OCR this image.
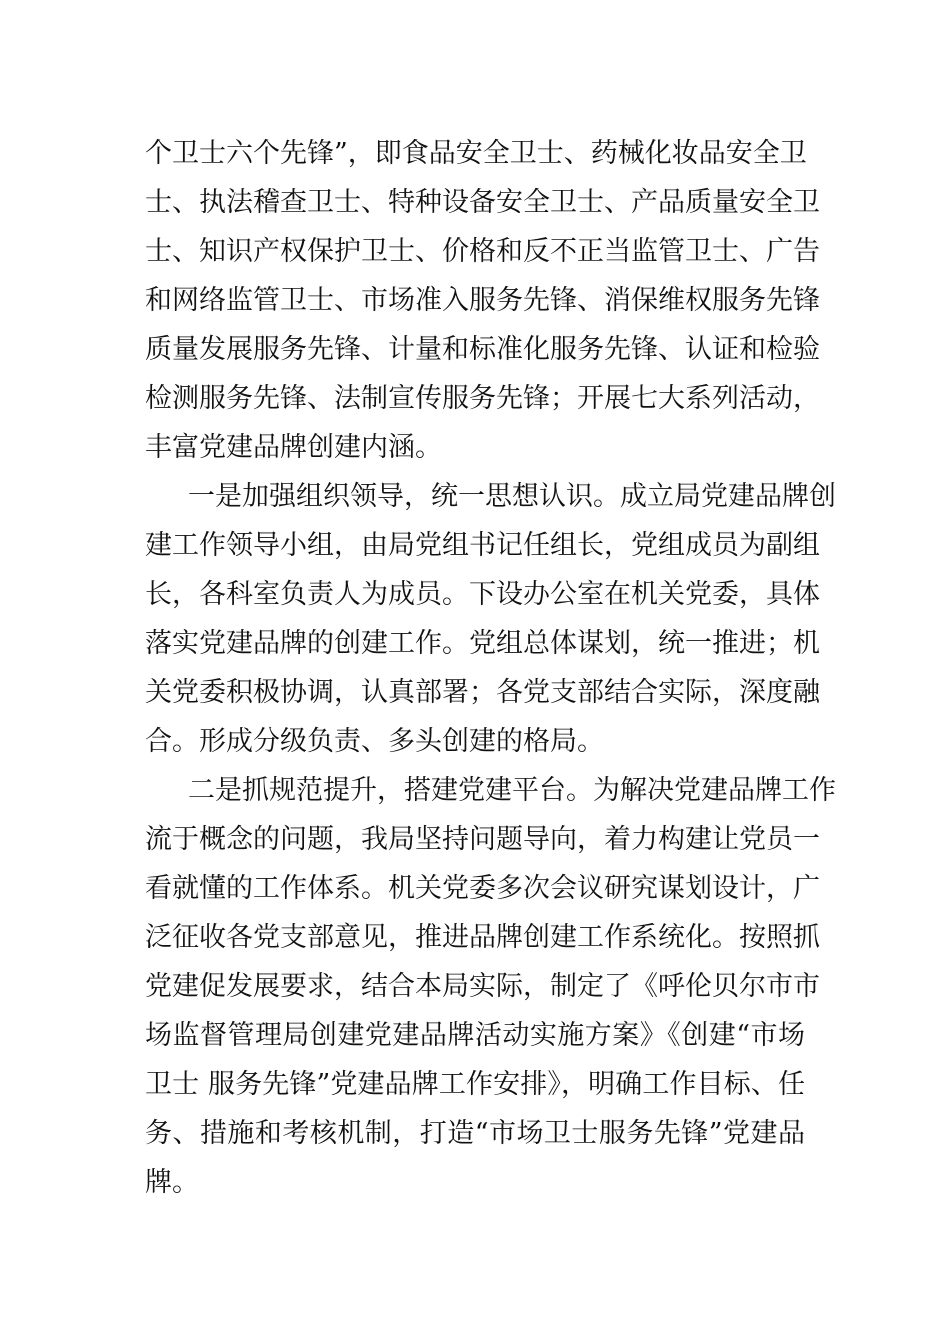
个卫士六个先锋”，即食品安全卫士、药械化妆品安全卫
士、执法稽查卫士、特种设备安全卫士、产品质量安全卫
士、知识产权保护卫士、价格和反不正当监管卫士、广告
和网络监管卫士、市场准入服务先锋、消保维权服务先锋
质量发展服务先锋、计量和标准化服务先锋、认证和检验
检测服务先锋、法制宣传服务先锋；开展七大系列活动，
丰富党建品牌创建内涵。
一是加强组织领导，统一思想认识。成立局党建品牌创
建工作领导小组，由局党组书记任组长，党组成员为副组
长，各科室负责人为成员。下设办公室在机关党委，具体
落实党建品牌的创建工作。党组总体谋划，统一推进；机
关党委积极协调，认真部署；各党支部结合实际，深度融
合。形成分级负责、多头创建的格局。
二是抓规范提升，搭建党建平台。为解决党建品牌工作
流于概念的问题，我局坚持问题导向，着力构建让党员一
看就懂的工作体系。机关党委多次会议研究谋划设计，广
泛征收各党支部意见，推进品牌创建工作系统化。按照抓
党建促发展要求，结合本局实际，制定了《呼伦贝尔市市
场监督管理局创建党建品牌活动实施方案》《创建“市场
卫士 服务先锋”党建品牌工作安排》，明确工作目标、任
务、措施和考核机制，打造“市场卫士服务先锋”党建品
牌。
